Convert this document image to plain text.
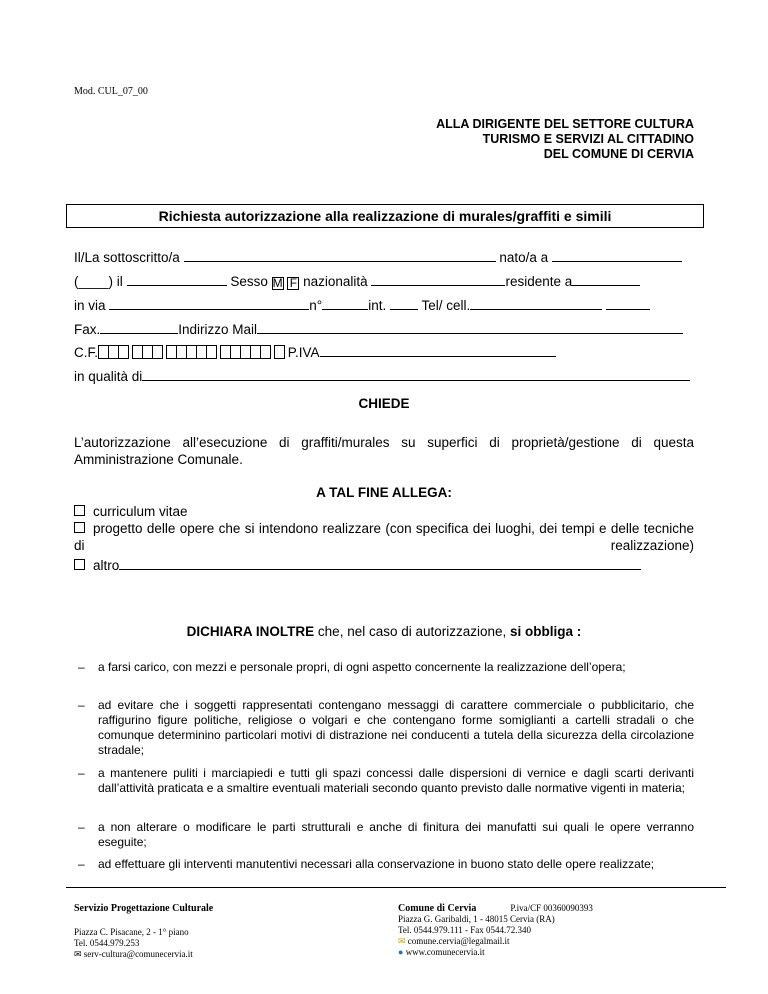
Mod. CUL_07_00
ALLA DIRIGENTE DEL SETTORE CULTURA
TURISMO E SERVIZI AL CITTADINO
DEL COMUNE DI CERVIA
Richiesta autorizzazione alla realizzazione di murales/graffiti e simili
Il/La sottoscritto/a	nato/a a
(____) il	Sesso M F nazionalità	residente a
in via	n°	int.	Tel/ cell.
Fax.	Indirizzo Mail
C.F.	P.IVA
in qualità di
CHIEDE
L’autorizzazione all’esecuzione di graffiti/murales su superfici di proprietà/gestione di questa Amministrazione Comunale.
A TAL FINE ALLEGA:
curriculum vitae
progetto delle opere che si intendono realizzare (con specifica dei luoghi, dei tempi e delle tecniche di realizzazione)
altro
DICHIARA INOLTRE che, nel caso di autorizzazione, si obbliga :
– a farsi carico, con mezzi e personale propri, di ogni aspetto concernente la realizzazione dell’opera;
– ad evitare che i soggetti rappresentati contengano messaggi di carattere commerciale o pubblicitario, che raffigurino figure politiche, religiose o volgari e che contengano forme somiglianti a cartelli stradali o che comunque determinino particolari motivi di distrazione nei conducenti a tutela della sicurezza della circolazione stradale;
– a mantenere puliti i marciapiedi e tutti gli spazi concessi dalle dispersioni di vernice e dagli scarti derivanti dall’attività praticata e a smaltire eventuali materiali secondo quanto previsto dalle normative vigenti in materia;
– a non alterare o modificare le parti strutturali e anche di finitura dei manufatti sui quali le opere verranno eseguite;
– ad effettuare gli interventi manutentivi necessari alla conservazione in buono stato delle opere realizzate;
Servizio Progettazione Culturale
Piazza C. Pisacane, 2 - 1° piano
Tel. 0544.979.253
✉ serv-cultura@comunecervia.it
Comune di Cervia	P.iva/CF 00360090393
Piazza G. Garibaldi, 1 - 48015 Cervia (RA)
Tel. 0544.979.111 - Fax 0544.72.340
✉ comune.cervia@legalmail.it
● www.comunecervia.it
